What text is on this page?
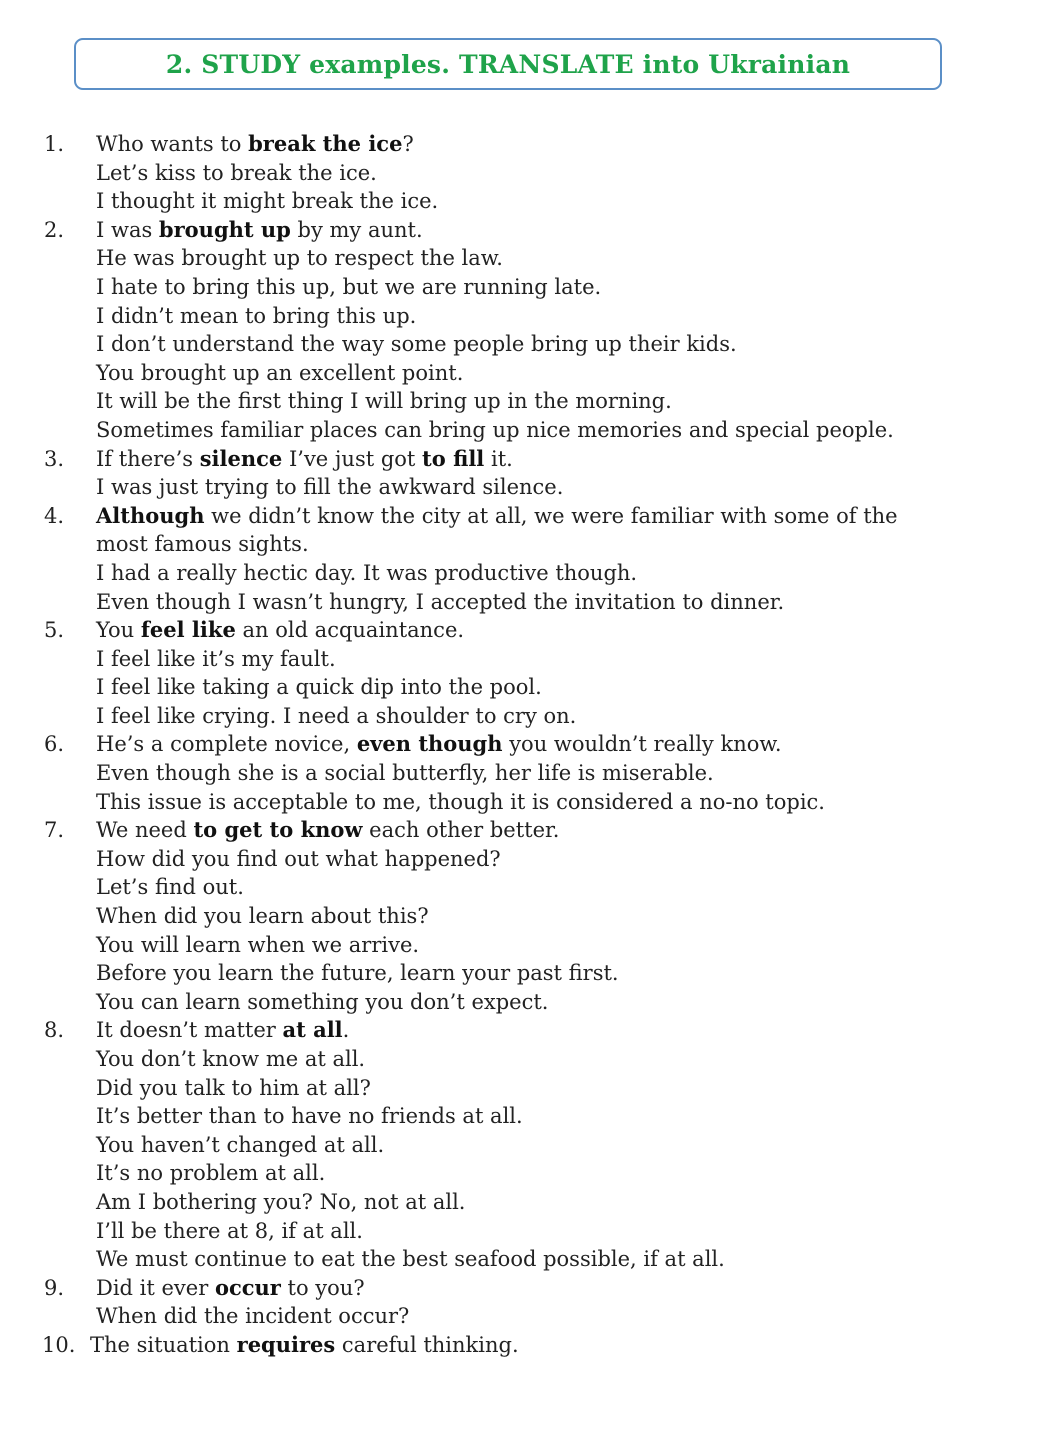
2. STUDY examples. TRANSLATE into Ukrainian
1. Who wants to break the ice?
Let’s kiss to break the ice.
I thought it might break the ice.
2. I was brought up by my aunt.
He was brought up to respect the law.
I hate to bring this up, but we are running late.
I didn’t mean to bring this up.
I don’t understand the way some people bring up their kids.
You brought up an excellent point.
It will be the first thing I will bring up in the morning.
Sometimes familiar places can bring up nice memories and special people.
3. If there’s silence I’ve just got to fill it.
I was just trying to fill the awkward silence.
4. Although we didn’t know the city at all, we were familiar with some of the
most famous sights.
I had a really hectic day. It was productive though.
Even though I wasn’t hungry, I accepted the invitation to dinner.
5. You feel like an old acquaintance.
I feel like it’s my fault.
I feel like taking a quick dip into the pool.
I feel like crying. I need a shoulder to cry on.
6. He’s a complete novice, even though you wouldn’t really know.
Even though she is a social butterfly, her life is miserable.
This issue is acceptable to me, though it is considered a no-no topic.
7. We need to get to know each other better.
How did you find out what happened?
Let’s find out.
When did you learn about this?
You will learn when we arrive.
Before you learn the future, learn your past first.
You can learn something you don’t expect.
8. It doesn’t matter at all.
You don’t know me at all.
Did you talk to him at all?
It’s better than to have no friends at all.
You haven’t changed at all.
It’s no problem at all.
Am I bothering you? No, not at all.
I’ll be there at 8, if at all.
We must continue to eat the best seafood possible, if at all.
9. Did it ever occur to you?
When did the incident occur?
10. The situation requires careful thinking.
